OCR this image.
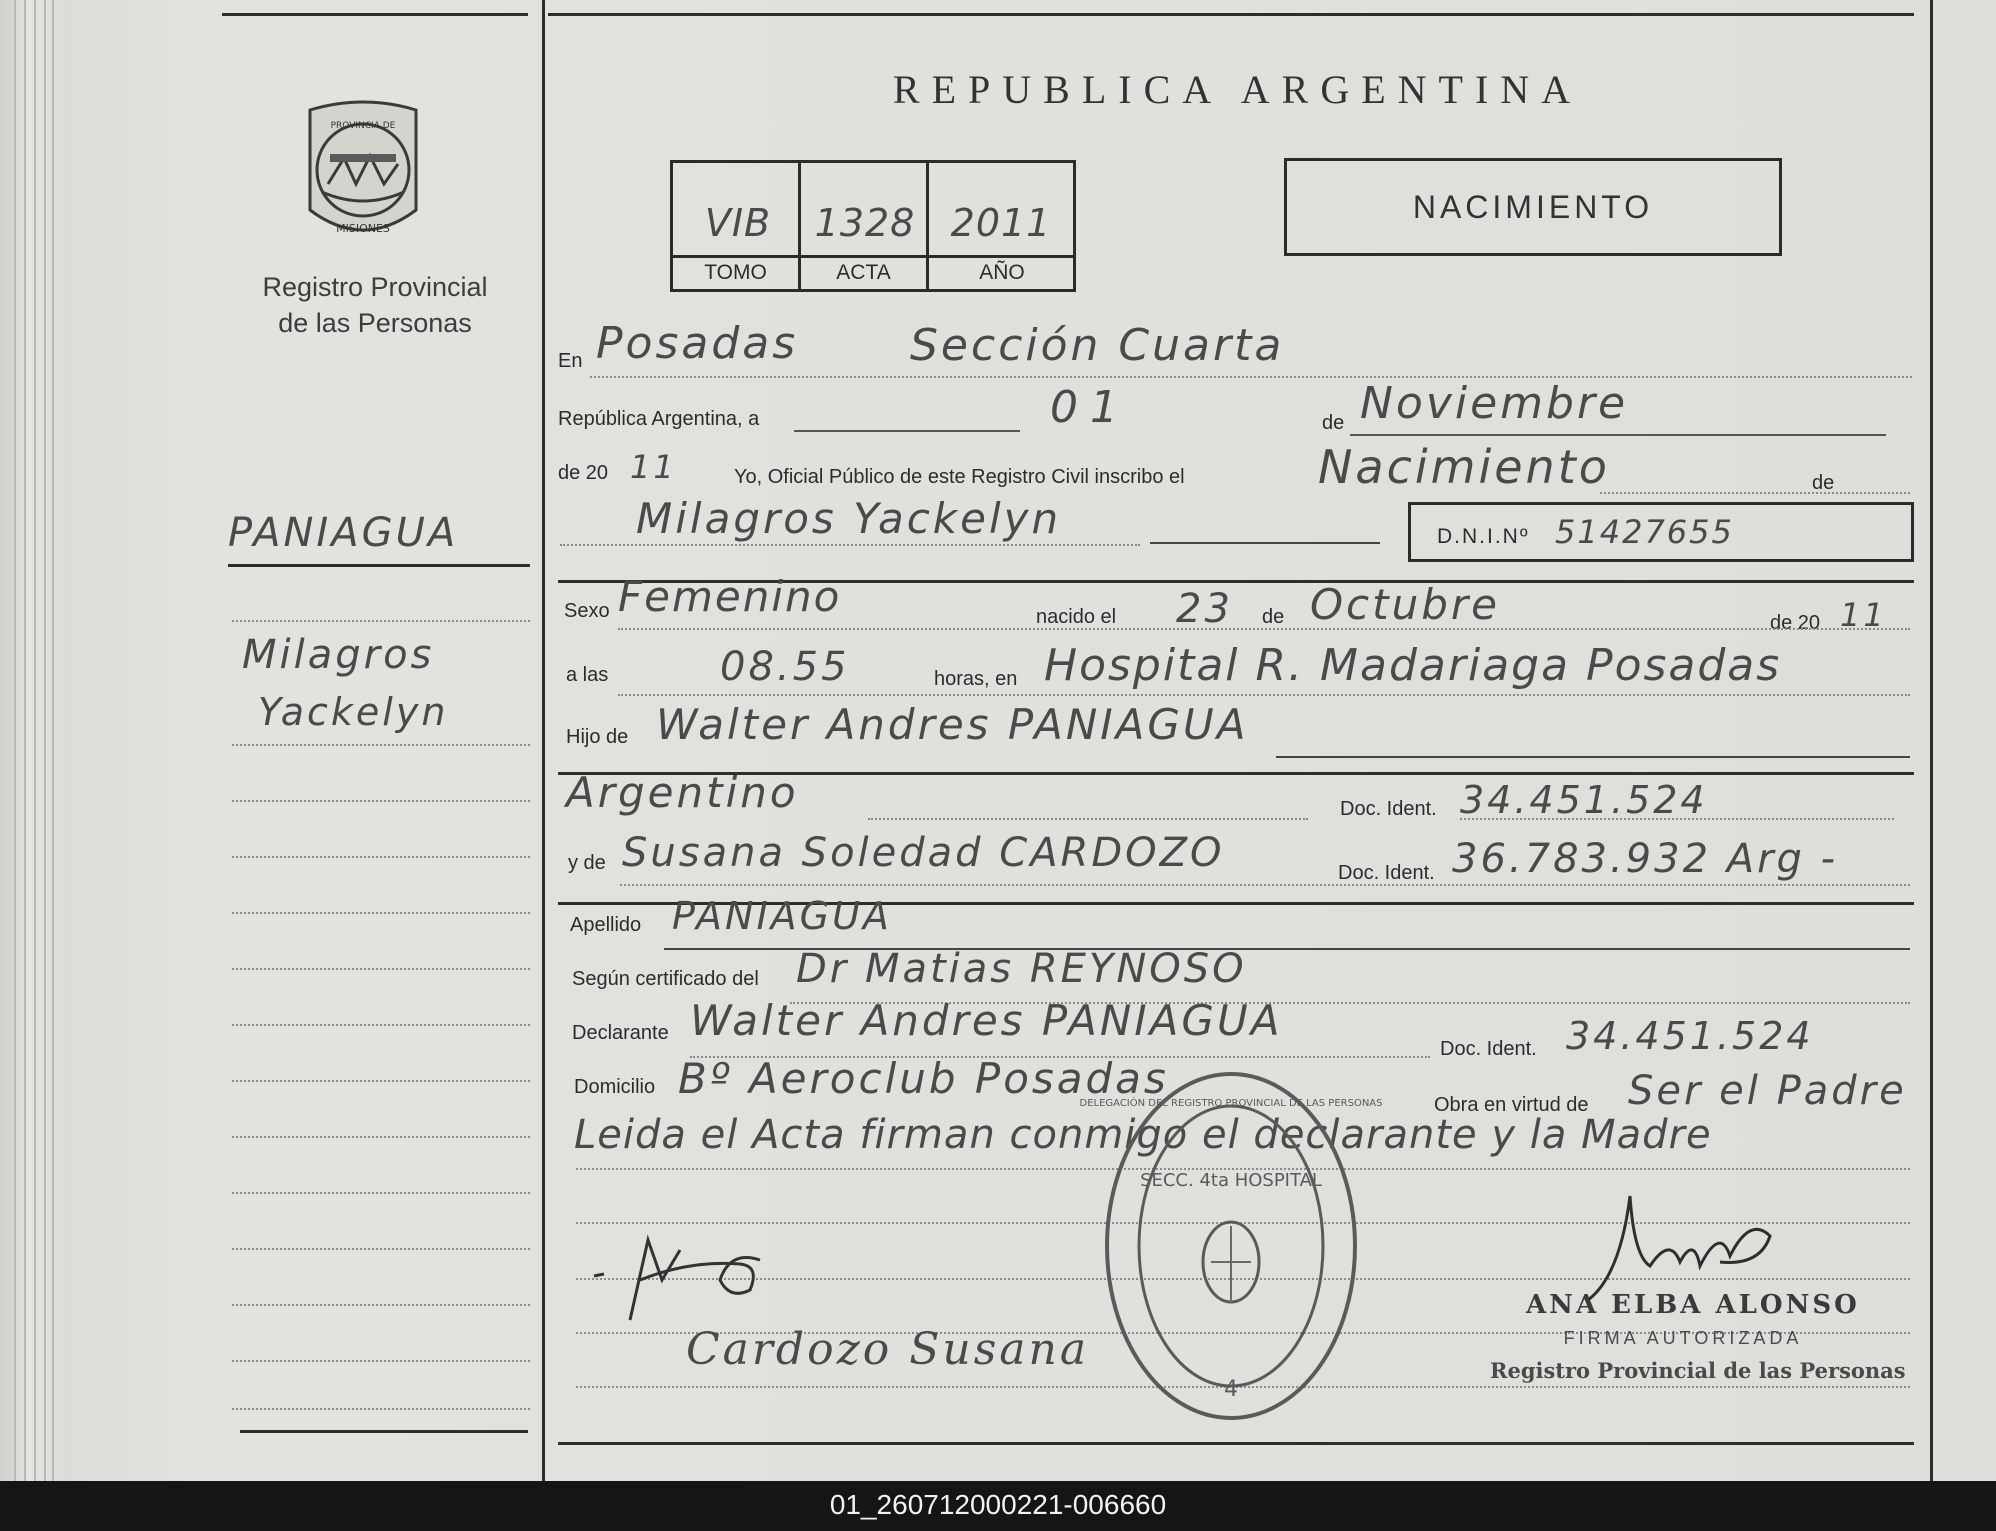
PROVINCIA DE
MISIONES
Registro Provincial
de las Personas
PANIAGUA
Milagros
Yackelyn
REPUBLICA ARGENTINA
VIB	1328 2011
TOMO	ACTA	AÑO
NACIMIENTO
En Posadas	Sección Cuarta
República Argentina, a	01	de Noviembre
de 20 11	Yo, Oficial Público de este Registro Civil inscribo el	Nacimiento	de
Milagros Yackelyn	D.N.I.Nº 51427655
Sexo Femenino	nacido el 23 de Octubre	de 20 11
a las	08.55	horas, en Hospital R. Madariaga Posadas
Hijo de Walter Andres PANIAGUA
Argentino	Doc. Ident. 34.451.524
y de Susana Soledad CARDOZO	Doc. Ident. 36.783.932 Arg -
Apellido PANIAGUA
Según certificado del Dr Matias REYNOSO
Declarante Walter Andres PANIAGUA
Doc. Ident. 34.451.524
Domicilio Bº Aeroclub Posadas
Obra en virtud de Ser el Padre
Leida el Acta firman conmigo el declarante y la Madre
Cardozo Susana
SECC. 4ta HOSPITAL
4
DELEGACIÓN DEL REGISTRO PROVINCIAL DE LAS PERSONAS
ANA ELBA ALONSO
FIRMA AUTORIZADA
Registro Provincial de las Personas
01_260712000221-006660
